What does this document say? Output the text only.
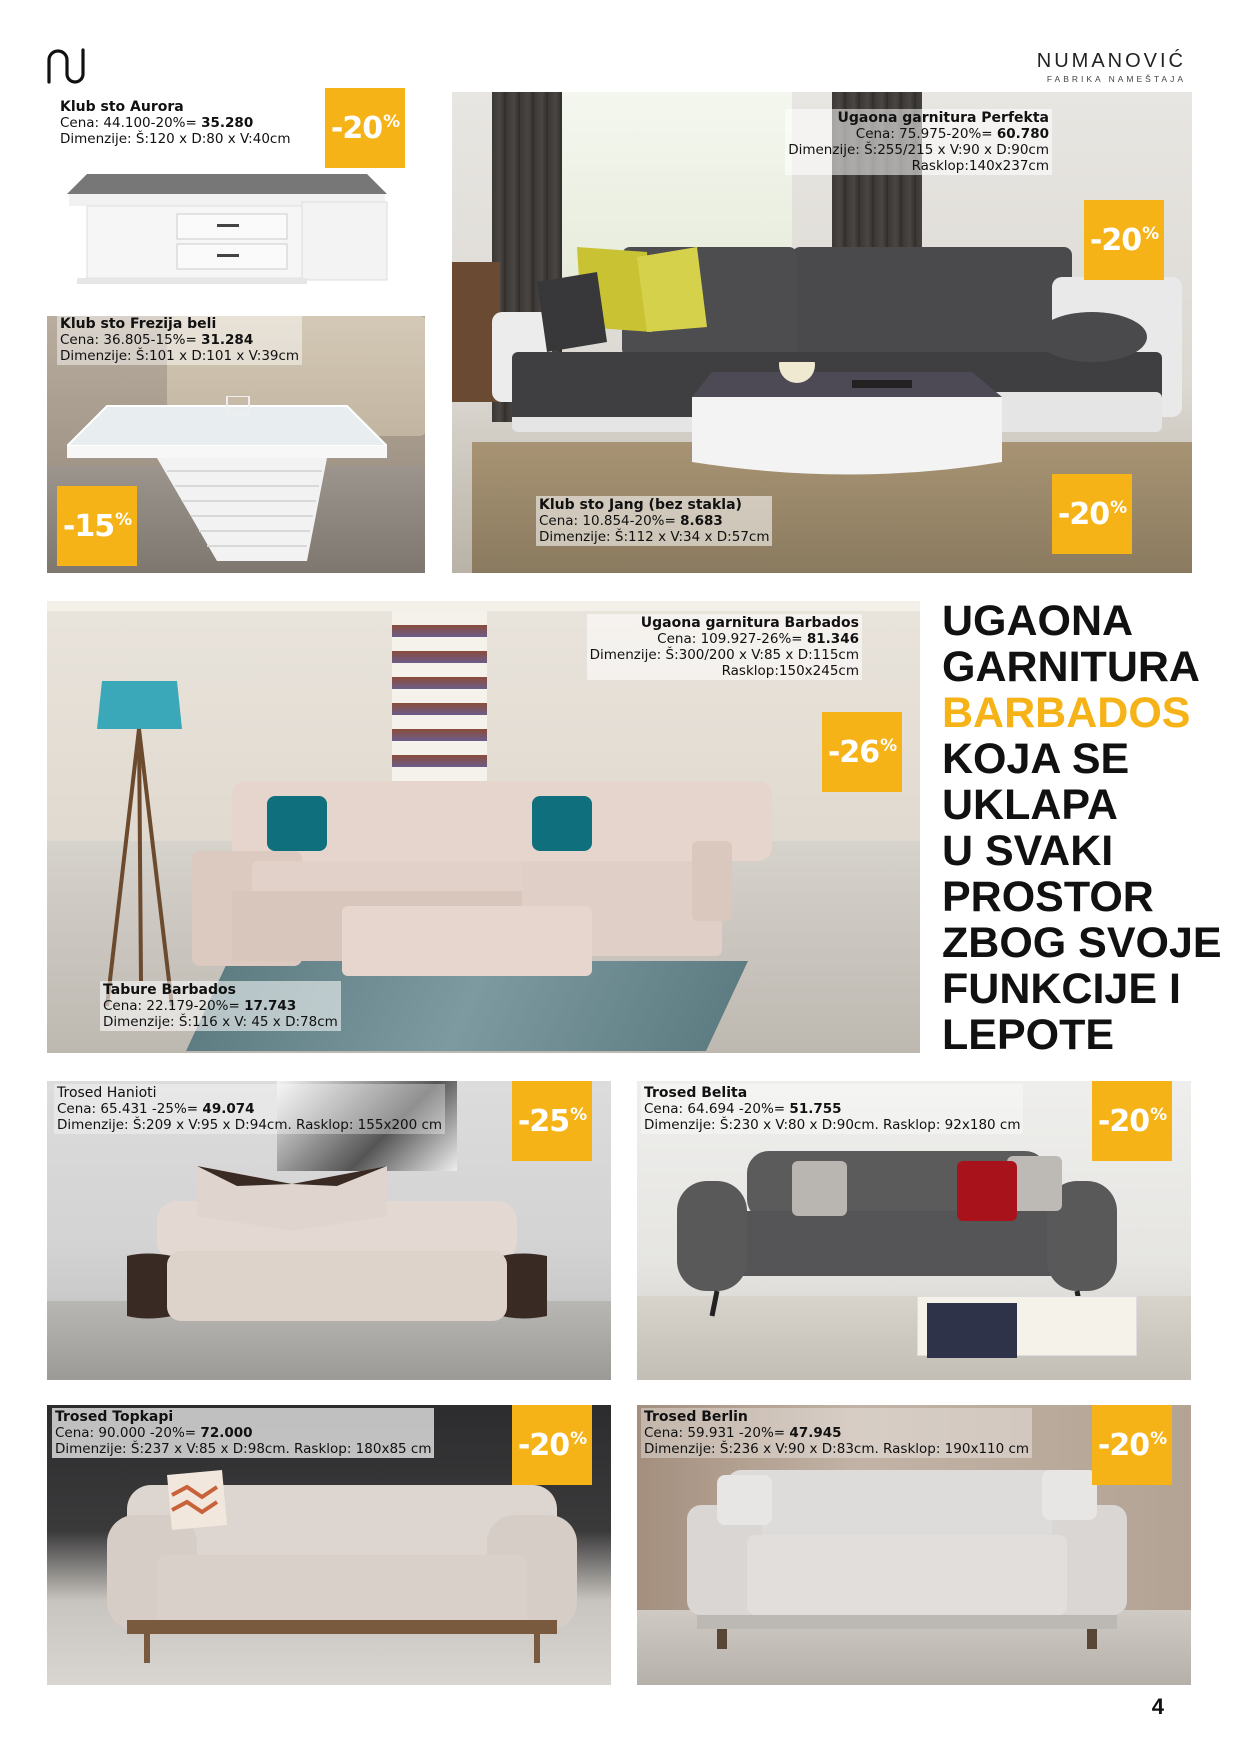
NUMANOVIĆ
FABRIKA NAMEŠTAJA
Klub sto Aurora
Cena: 44.100-20%= 35.280
Dimenzije: Š:120 x D:80 x V:40cm -20%
Klub sto Frezija beli
Cena: 36.805-15%= 31.284
Dimenzije: Š:101 x D:101 x V:39cm
-15%
Ugaona garnitura Perfekta
Cena: 75.975-20%= 60.780
Dimenzije: Š:255/215 x V:90 x D:90cm
Rasklop:140x237cm
-20%
Klub sto Jang (bez stakla)
Cena: 10.854-20%= 8.683
Dimenzije: Š:112 x V:34 x D:57cm
-20%
Ugaona garnitura Barbados
Cena: 109.927-26%= 81.346
Dimenzije: Š:300/200 x V:85 x D:115cm
Rasklop:150x245cm
-26%
Tabure Barbados
Cena: 22.179-20%= 17.743
Dimenzije: Š:116 x V: 45 x D:78cm
UGAONA
GARNITURA
BARBADOS
KOJA SE
UKLAPA
U SVAKI
PROSTOR
ZBOG SVOJE
FUNKCIJE I
LEPOTE
Trosed Hanioti
Cena: 65.431 -25%= 49.074
Dimenzije: Š:209 x V:95 x D:94cm. Rasklop: 155x200 cm	-25%
Trosed Belita
Cena: 64.694 -20%= 51.755
Dimenzije: Š:230 x V:80 x D:90cm. Rasklop: 92x180 cm	-20%
Trosed Topkapi
Cena: 90.000 -20%= 72.000
Dimenzije: Š:237 x V:85 x D:98cm. Rasklop: 180x85 cm	-20%
Trosed Berlin
Cena: 59.931 -20%= 47.945
Dimenzije: Š:236 x V:90 x D:83cm. Rasklop: 190x110 cm -20%
4
